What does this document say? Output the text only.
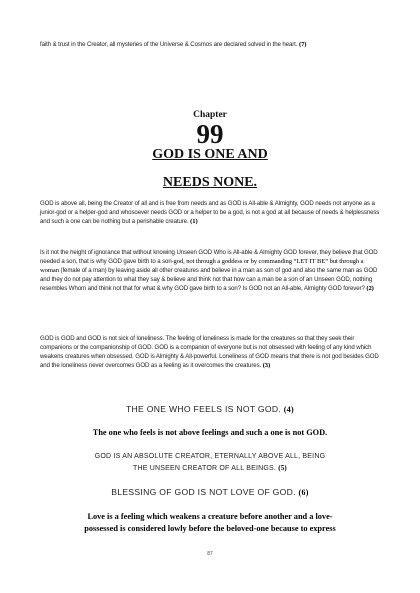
faith & trust in the Creator, all mysteries of the Universe & Cosmos are declared solved in the heart. (7)

Chapter

99

GOD IS ONE AND

NEEDS NONE.

GOD is above all, being the Creator of all and is free from needs and as GOD is All-able & Almighty, GOD needs not anyone as a junior-god or a helper-god and whosoever needs GOD or a helper to be a god, is not a god at all because of needs & helplessness and such a one can be nothing but a perishable creature. (1)

Is it not the height of ignorance that without knowing Unseen GOD Who is All-able & Almighty GOD forever, they believe that GOD needed a son, that is why GOD gave birth to a son-god, not through a goddess or by commanding “LET IT BE” but through a woman (female of a man) by leaving aside all other creatures and believe in a man as son of god and also the same man as GOD and they do not pay attention to what they say & believe and think not that how can a man be a son of an Unseen GOD, nothing resembles Whom and think not that for what & why GOD gave birth to a son? Is GOD not an All-able, Almighty GOD forever? (2)

GOD is GOD and GOD is not sick of loneliness. The feeling of loneliness is made for the creatures so that they seek their companions or the companionship of GOD. GOD is a companion of everyone but is not obsessed with feeling of any kind which weakens creatures when obsessed. GOD is Almighty & All-powerful. Loneliness of GOD means that there is not god besides GOD and the loneliness never overcomes GOD as a feeling as it overcomes the creatures. (3)

THE ONE WHO FEELS IS NOT GOD. (4)

The one who feels is not above feelings and such a one is not GOD.

GOD IS AN ABSOLUTE CREATOR, ETERNALLY ABOVE ALL, BEING
THE UNSEEN CREATOR OF ALL BEINGS. (5)

BLESSING OF GOD IS NOT LOVE OF GOD. (6)

Love is a feeling which weakens a creature before another and a love-
possessed is considered lowly before the beloved-one because to express

87
